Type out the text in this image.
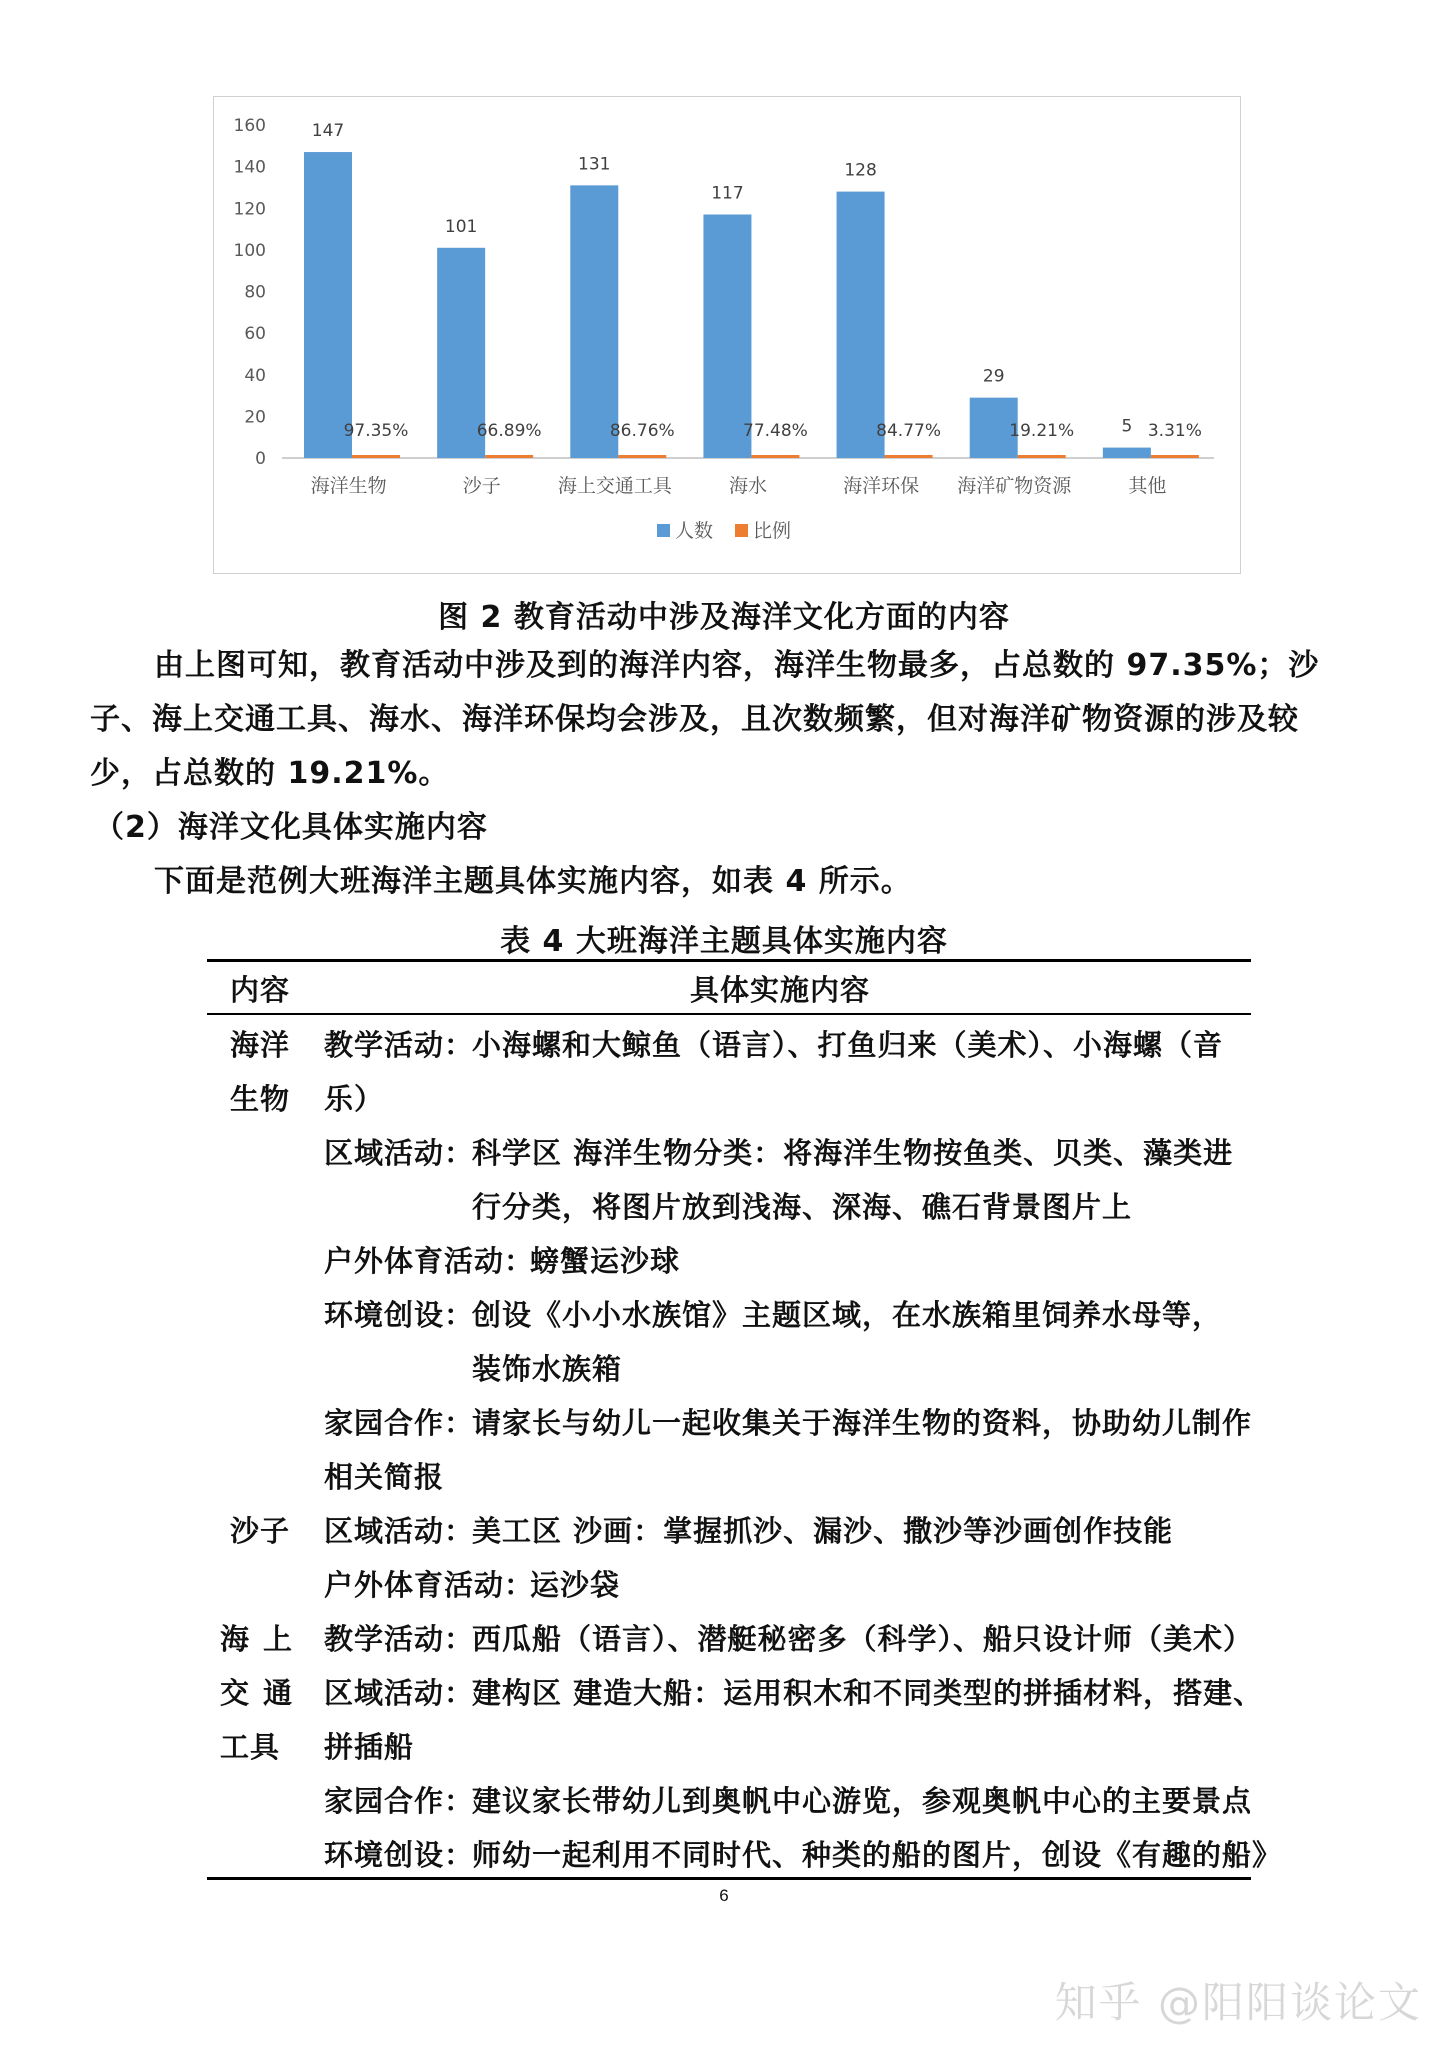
0
20
40
60
80
100
120
140
160	147
97.35%
海洋生物
101
66.89%
沙子
131
86.76%
海上交通工具
117
77.48%
海水
128
84.77%
海洋环保
29
19.21%
海洋矿物资源
5 3.31%
其他
人数 比例
图 2 教育活动中涉及海洋文化方面的内容
由上图可知，教育活动中涉及到的海洋内容，海洋生物最多，占总数的 97.35%；沙子、海上交通工具、海水、海洋环保均会涉及，且次数频繁，但对海洋矿物资源的涉及较少，占总数的 19.21%。
（2）海洋文化具体实施内容
下面是范例大班海洋主题具体实施内容，如表 4 所示。
表 4 大班海洋主题具体实施内容
内容	具体实施内容
海洋
生物
教学活动：
小海螺和大鲸鱼（语言）、打鱼归来（美术）、小海螺（音
乐）
区域活动：
科学区 海洋生物分类：将海洋生物按鱼类、贝类、藻类进行分类，将图片放到浅海、深海、礁石背景图片上
户外体育活动：
螃蟹运沙球
环境创设：
创设《小小水族馆》主题区域，在水族箱里饲养水母等，装饰水族箱
家园合作：
请家长与幼儿一起收集关于海洋生物的资料，协助幼儿制作
相关简报
沙子 区域活动：
美工区 沙画：掌握抓沙、漏沙、撒沙等沙画创作技能
户外体育活动：
运沙袋
海上
交通
工具
教学活动：
西瓜船（语言）、潜艇秘密多（科学）、船只设计师（美术）
区域活动：
建构区 建造大船：运用积木和不同类型的拼插材料，搭建、
拼插船
家园合作：
建议家长带幼儿到奥帆中心游览，参观奥帆中心的主要景点
环境创设：
师幼一起利用不同时代、种类的船的图片，创设《有趣的船》
6
知乎 @阳阳谈论文
